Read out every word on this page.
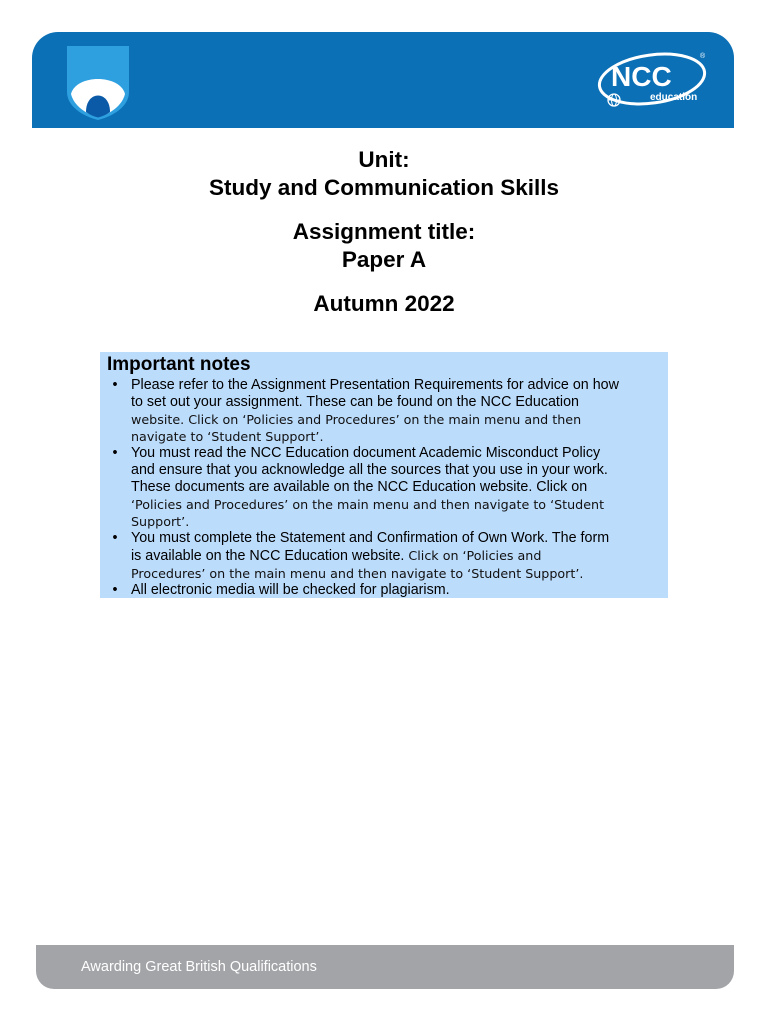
NCC
education
®
Unit:
Study and Communication Skills
Assignment title:
Paper A
Autumn 2022
Important notes
• Please refer to the Assignment Presentation Requirements for advice on how
to set out your assignment. These can be found on the NCC Education
website. Click on ‘Policies and Procedures’ on the main menu and then
navigate to ‘Student Support’.
• You must read the NCC Education document Academic Misconduct Policy
and ensure that you acknowledge all the sources that you use in your work.
These documents are available on the NCC Education website. Click on
‘Policies and Procedures’ on the main menu and then navigate to ‘Student
Support’.
• You must complete the Statement and Confirmation of Own Work. The form
is available on the NCC Education website. Click on ‘Policies and
Procedures’ on the main menu and then navigate to ‘Student Support’.
• All electronic media will be checked for plagiarism.
Awarding Great British Qualifications
